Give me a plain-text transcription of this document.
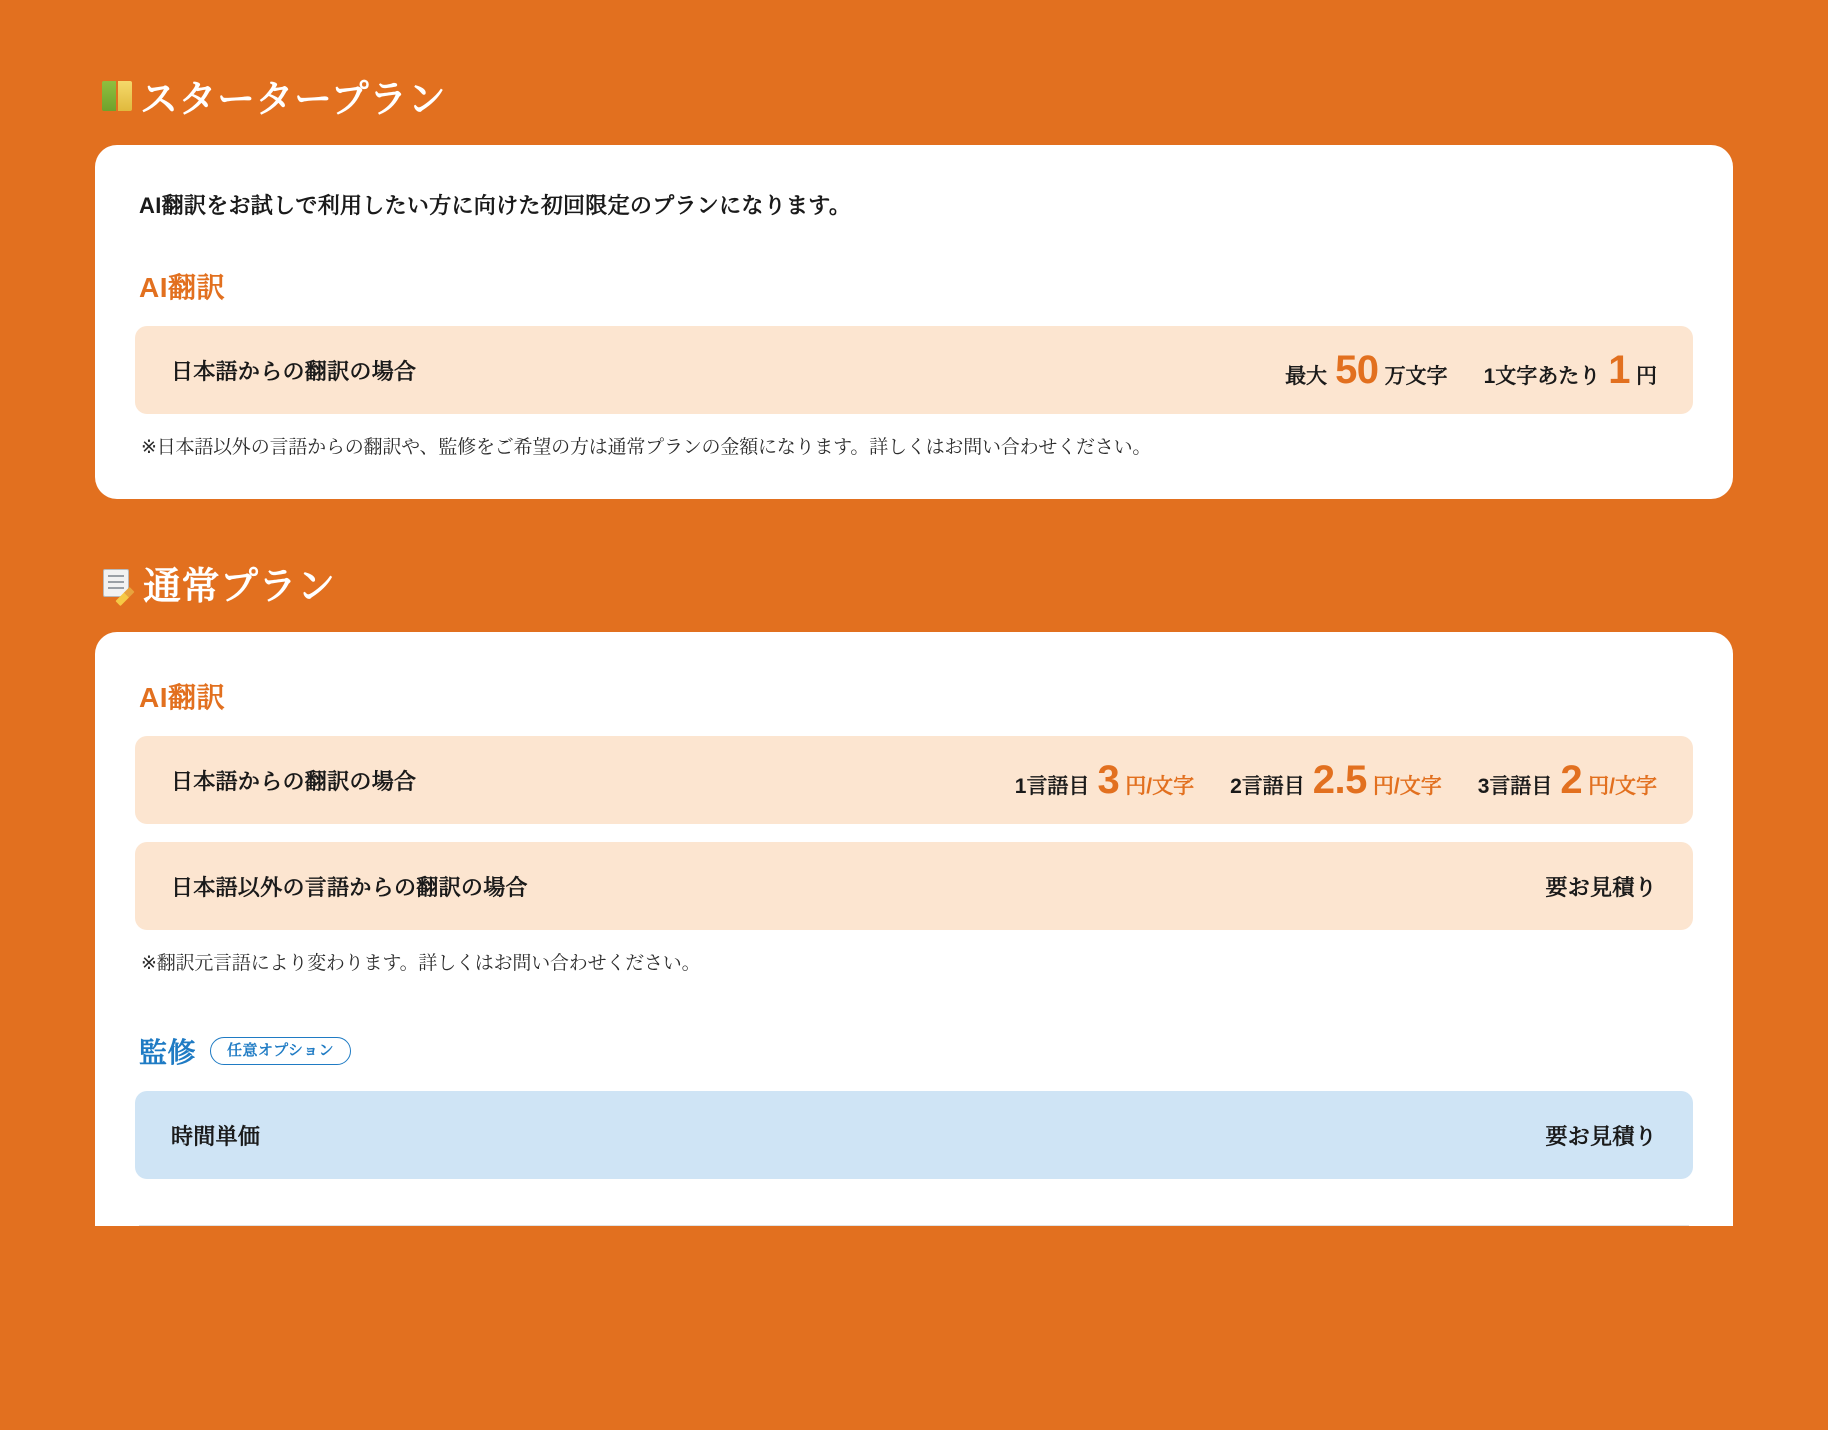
スタータープラン

AI翻訳をお試しで利用したい方に向けた初回限定のプランになります。

AI翻訳
日本語からの翻訳の場合	最大 50 万文字 1文字あたり 1 円

※日本語以外の言語からの翻訳や、監修をご希望の方は通常プランの金額になります。詳しくはお問い合わせください。

通常プラン
AI翻訳
日本語からの翻訳の場合	1言語目 3 円/文字 2言語目 2.5 円/文字 3言語目 2 円/文字
日本語以外の言語からの翻訳の場合	要お見積り

※翻訳元言語により変わります。詳しくはお問い合わせください。

監修	任意オプション
時間単価	要お見積り
